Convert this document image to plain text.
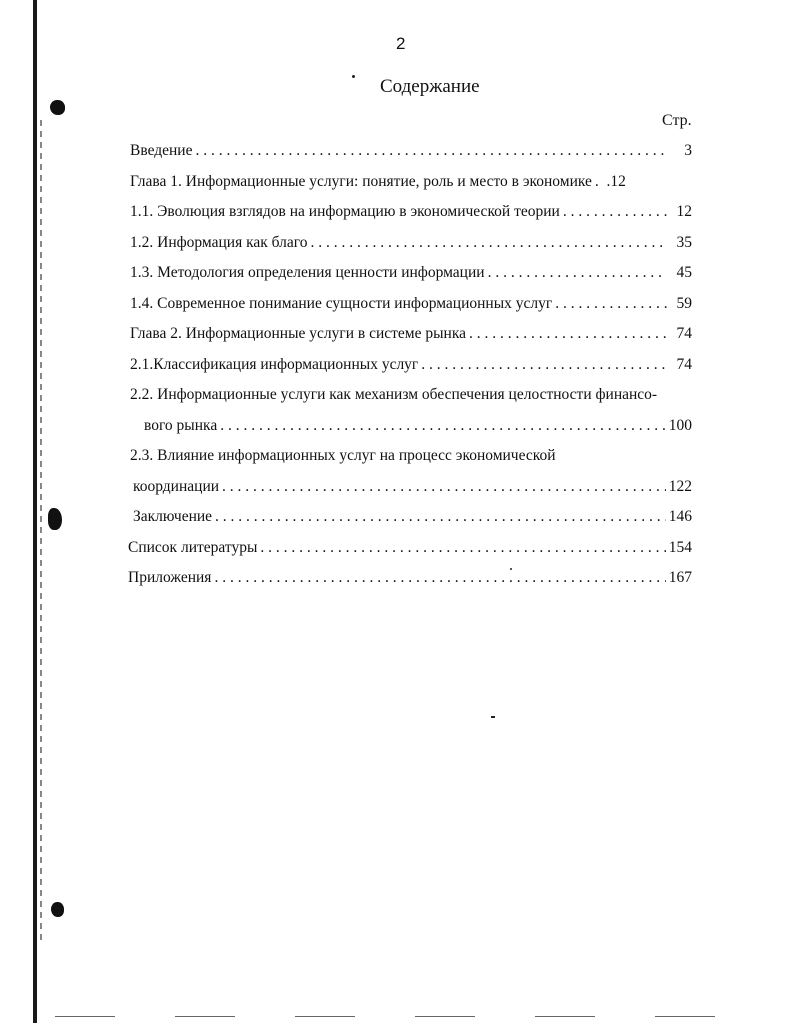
2
Содержание
Стр.
Введение . . .	3
Глава 1. Информационные услуги: понятие, роль и место в экономике . . . .12
1.1. Эволюция взглядов на информацию в экономической теории . . .	12
1.2. Информация как благо . . .	35
1.3. Методология определения ценности информации . . .	45
1.4. Современное понимание сущности информационных услуг . . .	59
Глава 2. Информационные услуги в системе рынка . . .	74
2.1.Классификация информационных услуг . . .	74
2.2. Информационные услуги как механизм обеспечения целостности финансо-
вого рынка . . .	100
2.3. Влияние информационных услуг на процесс экономической
координации . . .	122
Заключение . . .	146
Список литературы . . .	154
Приложения . . .	167
